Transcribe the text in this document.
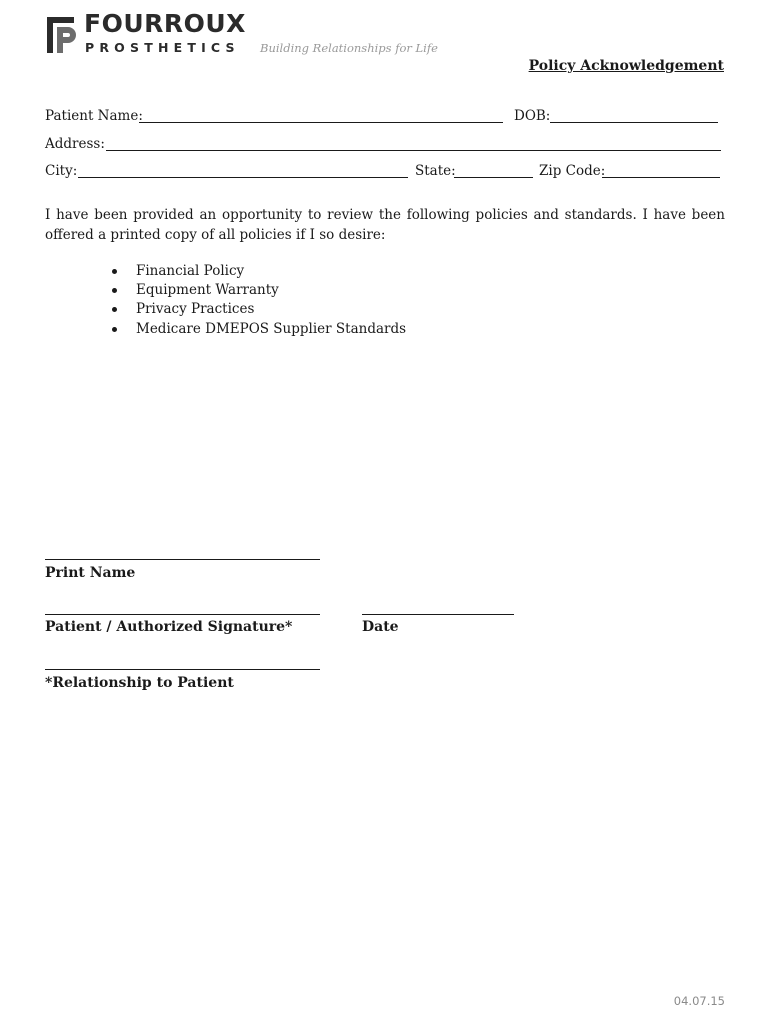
FOURROUX
PROSTHETICS Building Relationships for Life
Policy Acknowledgement
Patient Name:	DOB:
Address:
City:	State:	Zip Code:
I have been provided an opportunity to review the following policies and standards. I have been offered a printed copy of all policies if I so desire:
Financial Policy
Equipment Warranty
Privacy Practices
Medicare DMEPOS Supplier Standards
Print Name
Patient / Authorized Signature*	Date
*Relationship to Patient
04.07.15
